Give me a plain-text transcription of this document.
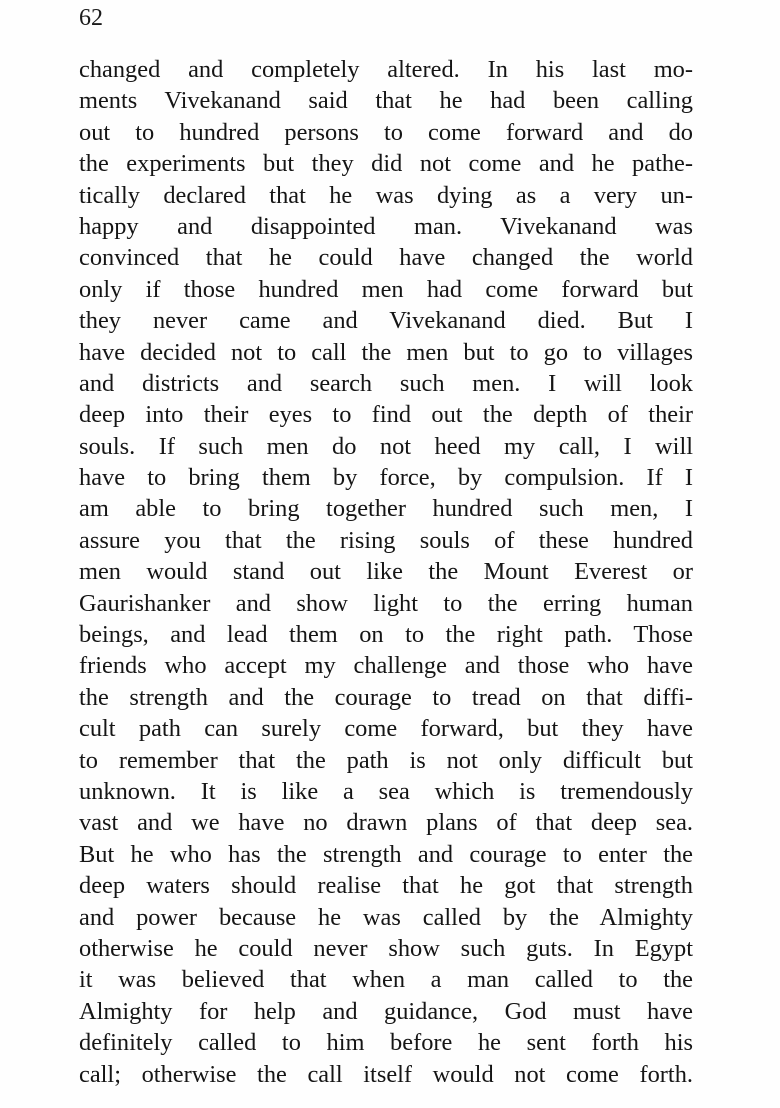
62
changed and completely altered. In his last mo-
ments Vivekanand said that he had been calling
out to hundred persons to come forward and do
the experiments but they did not come and he pathe-
tically declared that he was dying as a very un-
happy and disappointed man. Vivekanand was
convinced that he could have changed the world
only if those hundred men had come forward but
they never came and Vivekanand died. But I
have decided not to call the men but to go to villages
and districts and search such men. I will look
deep into their eyes to find out the depth of their
souls. If such men do not heed my call, I will
have to bring them by force, by compulsion. If I
am able to bring together hundred such men, I
assure you that the rising souls of these hundred
men would stand out like the Mount Everest or
Gaurishanker and show light to the erring human
beings, and lead them on to the right path. Those
friends who accept my challenge and those who have
the strength and the courage to tread on that diffi-
cult path can surely come forward, but they have
to remember that the path is not only difficult but
unknown. It is like a sea which is tremendously
vast and we have no drawn plans of that deep sea.
But he who has the strength and courage to enter the
deep waters should realise that he got that strength
and power because he was called by the Almighty
otherwise he could never show such guts. In Egypt
it was believed that when a man called to the
Almighty for help and guidance, God must have
definitely called to him before he sent forth his
call; otherwise the call itself would not come forth.
